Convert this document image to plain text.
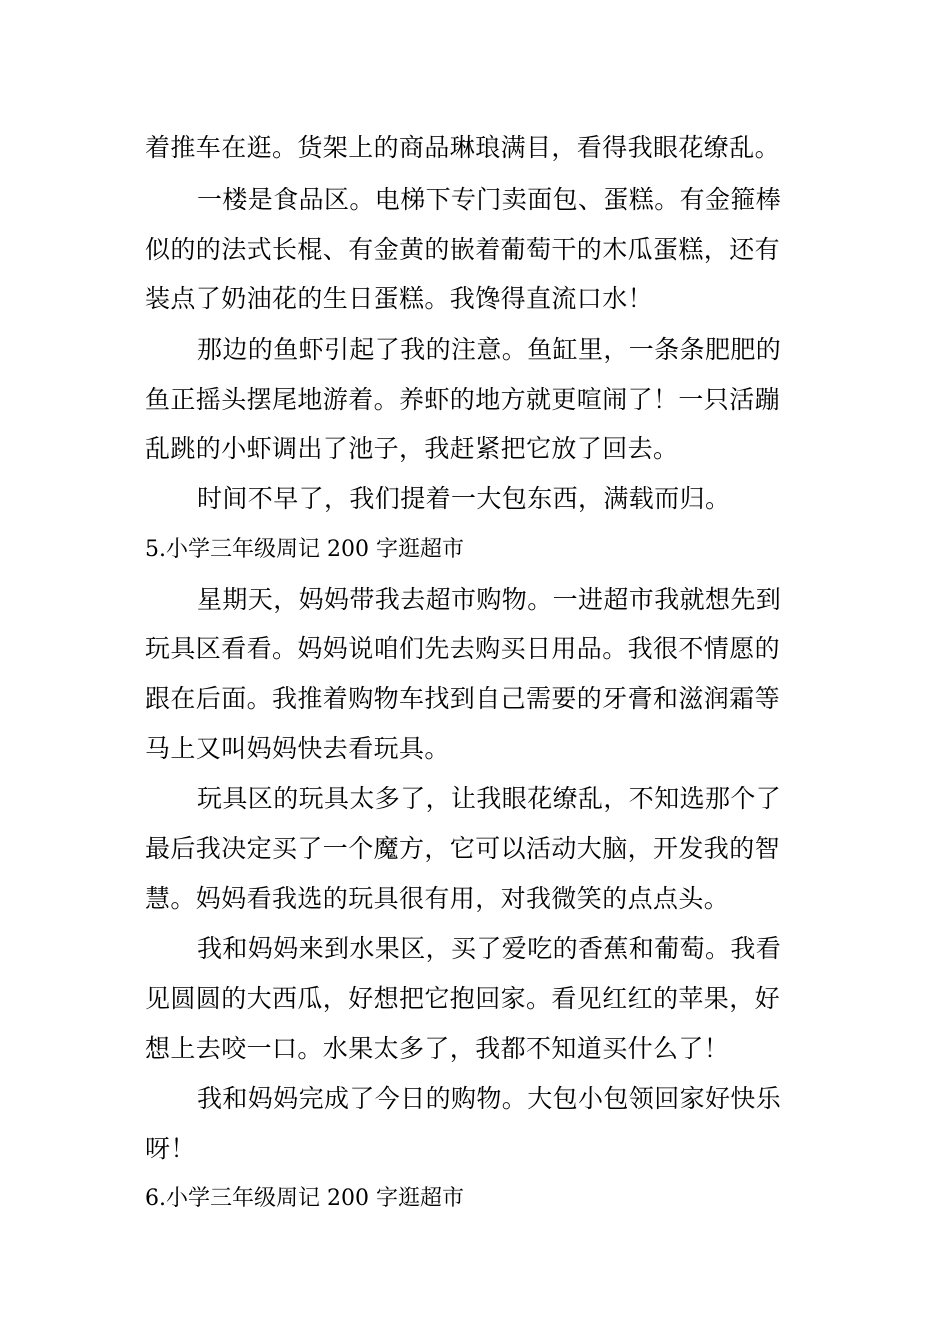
着推车在逛。货架上的商品琳琅满目，看得我眼花缭乱。
一楼是食品区。电梯下专门卖面包、蛋糕。有金箍棒
似的的法式长棍、有金黄的嵌着葡萄干的木瓜蛋糕，还有
装点了奶油花的生日蛋糕。我馋得直流口水！
那边的鱼虾引起了我的注意。鱼缸里，一条条肥肥的
鱼正摇头摆尾地游着。养虾的地方就更喧闹了！一只活蹦
乱跳的小虾调出了池子，我赶紧把它放了回去。
时间不早了，我们提着一大包东西，满载而归。
5.小学三年级周记 200 字逛超市
星期天，妈妈带我去超市购物。一进超市我就想先到
玩具区看看。妈妈说咱们先去购买日用品。我很不情愿的
跟在后面。我推着购物车找到自己需要的牙膏和滋润霜等
马上又叫妈妈快去看玩具。
玩具区的玩具太多了，让我眼花缭乱，不知选那个了
最后我决定买了一个魔方，它可以活动大脑，开发我的智
慧。妈妈看我选的玩具很有用，对我微笑的点点头。
我和妈妈来到水果区，买了爱吃的香蕉和葡萄。我看
见圆圆的大西瓜，好想把它抱回家。看见红红的苹果，好
想上去咬一口。水果太多了，我都不知道买什么了！
我和妈妈完成了今日的购物。大包小包领回家好快乐
呀！
6.小学三年级周记 200 字逛超市
